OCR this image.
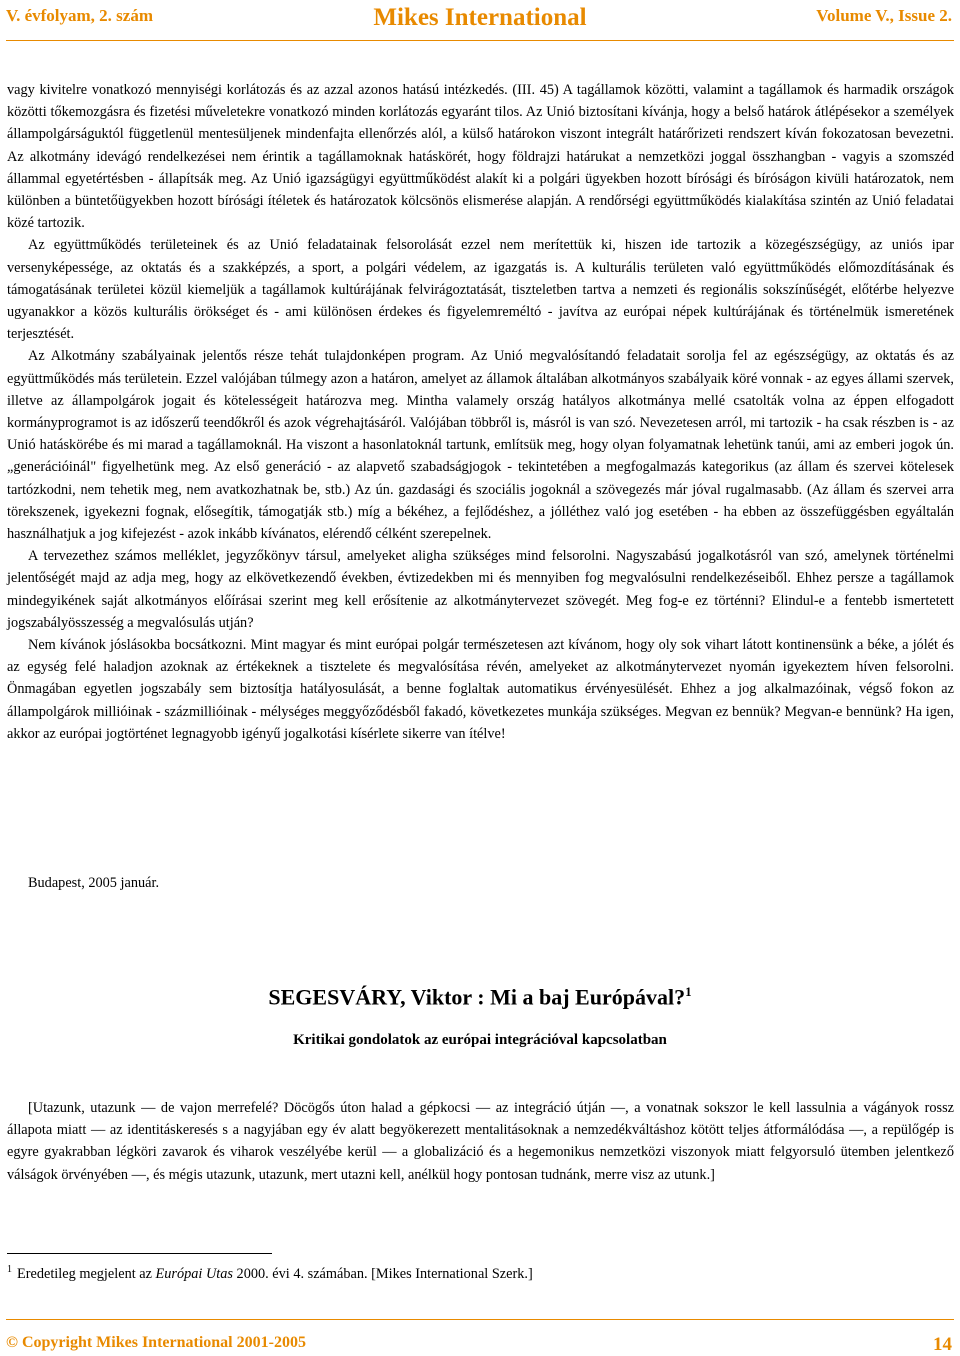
V. évfolyam, 2. szám	Mikes International	Volume V., Issue 2.

vagy kivitelre vonatkozó mennyiségi korlátozás és az azzal azonos hatású intézkedés. (III. 45) A tagállamok közötti, valamint a tagállamok és harmadik országok közötti tőkemozgásra és fizetési műveletekre vonatkozó minden korlátozás egyaránt tilos. Az Unió biztosítani kívánja, hogy a belső határok átlépésekor a személyek állampolgárságuktól függetlenül mentesüljenek mindenfajta ellenőrzés alól, a külső határokon viszont integrált határőrizeti rendszert kíván fokozatosan bevezetni. Az alkotmány idevágó rendelkezései nem érintik a tagállamoknak hatáskörét, hogy földrajzi határukat a nemzetközi joggal összhangban - vagyis a szomszéd állammal egyetértésben - állapítsák meg. Az Unió igazságügyi együttműködést alakít ki a polgári ügyekben hozott bírósági és bíróságon kivüli határozatok, nem különben a büntetőügyekben hozott bírósági ítéletek és határozatok kölcsönös elismerése alapján. A rendőrségi együttműködés kialakítása szintén az Unió feladatai közé tartozik.

Az együttműködés területeinek és az Unió feladatainak felsorolását ezzel nem merítettük ki, hiszen ide tartozik a közegészségügy, az uniós ipar versenyképessége, az oktatás és a szakképzés, a sport, a polgári védelem, az igazgatás is. A kulturális területen való együttműködés előmozdításának és támogatásának területei közül kiemeljük a tagállamok kultúrájának felvirágoztatását, tiszteletben tartva a nemzeti és regionális sokszínűségét, előtérbe helyezve ugyanakkor a közös kulturális örökséget és - ami különösen érdekes és figyelemreméltó - javítva az európai népek kultúrájának és történelmük ismeretének terjesztését.

Az Alkotmány szabályainak jelentős része tehát tulajdonképen program. Az Unió megvalósítandó feladatait sorolja fel az egészségügy, az oktatás és az együttműködés más területein. Ezzel valójában túlmegy azon a határon, amelyet az államok általában alkotmányos szabályaik köré vonnak - az egyes állami szervek, illetve az állampolgárok jogait és kötelességeit határozva meg. Mintha valamely ország hatályos alkotmánya mellé csatolták volna az éppen elfogadott kormányprogramot is az időszerű teendőkről és azok végrehajtásáról. Valójában többről is, másról is van szó. Nevezetesen arról, mi tartozik - ha csak részben is - az Unió hatáskörébe és mi marad a tagállamoknál. Ha viszont a hasonlatoknál tartunk, említsük meg, hogy olyan folyamatnak lehetünk tanúi, ami az emberi jogok ún. „generációinál" figyelhetünk meg. Az első generáció - az alapvető szabadságjogok - tekintetében a megfogalmazás kategorikus (az állam és szervei kötelesek tartózkodni, nem tehetik meg, nem avatkozhatnak be, stb.) Az ún. gazdasági és szociális jogoknál a szövegezés már jóval rugalmasabb. (Az állam és szervei arra törekszenek, igyekezni fognak, elősegítik, támogatják stb.) míg a békéhez, a fejlődéshez, a jólléthez való jog esetében - ha ebben az összefüggésben egyáltalán használhatjuk a jog kifejezést - azok inkább kívánatos, elérendő célként szerepelnek.

A tervezethez számos melléklet, jegyzőkönyv társul, amelyeket aligha szükséges mind felsorolni. Nagyszabású jogalkotásról van szó, amelynek történelmi jelentőségét majd az adja meg, hogy az elkövetkezendő években, évtizedekben mi és mennyiben fog megvalósulni rendelkezéseiből. Ehhez persze a tagállamok mindegyikének saját alkotmányos előírásai szerint meg kell erősítenie az alkotmánytervezet szövegét. Meg fog-e ez történni? Elindul-e a fentebb ismertetett jogszabályösszesség a megvalósulás utján?

Nem kívánok jóslásokba bocsátkozni. Mint magyar és mint európai polgár természetesen azt kívánom, hogy oly sok vihart látott kontinensünk a béke, a jólét és az egység felé haladjon azoknak az értékeknek a tisztelete és megvalósítása révén, amelyeket az alkotmánytervezet nyomán igyekeztem híven felsorolni. Önmagában egyetlen jogszabály sem biztosítja hatályosulását, a benne foglaltak automatikus érvényesülését. Ehhez a jog alkalmazóinak, végső fokon az állampolgárok millióinak - százmillióinak - mélységes meggyőződésből fakadó, következetes munkája szükséges. Megvan ez bennük? Megvan-e bennünk? Ha igen, akkor az európai jogtörténet legnagyobb igényű jogalkotási kísérlete sikerre van ítélve!

Budapest, 2005 január.
SEGESVÁRY, Viktor : Mi a baj Európával?$^1$
Kritikai gondolatok az európai integrációval kapcsolatban

[Utazunk, utazunk — de vajon merrefelé? Döcögős úton halad a gépkocsi — az integráció útján —, a vonatnak sokszor le kell lassulnia a vágányok rossz állapota miatt — az identitáskeresés s a nagyjában egy év alatt begyökerezett mentalitásoknak a nemzedékváltáshoz kötött teljes átformálódása —, a repülőgép is egyre gyakrabban légköri zavarok és viharok veszélyébe kerül — a globalizáció és a hegemonikus nemzetközi viszonyok miatt felgyorsuló ütemben jelentkező válságok örvényében —, és mégis utazunk, utazunk, mert utazni kell, anélkül hogy pontosan tudnánk, merre visz az utunk.]

$^1$ Eredetileg megjelent az Európai Utas 2000. évi 4. számában. [Mikes International Szerk.]
© Copyright Mikes International 2001-2005	14
